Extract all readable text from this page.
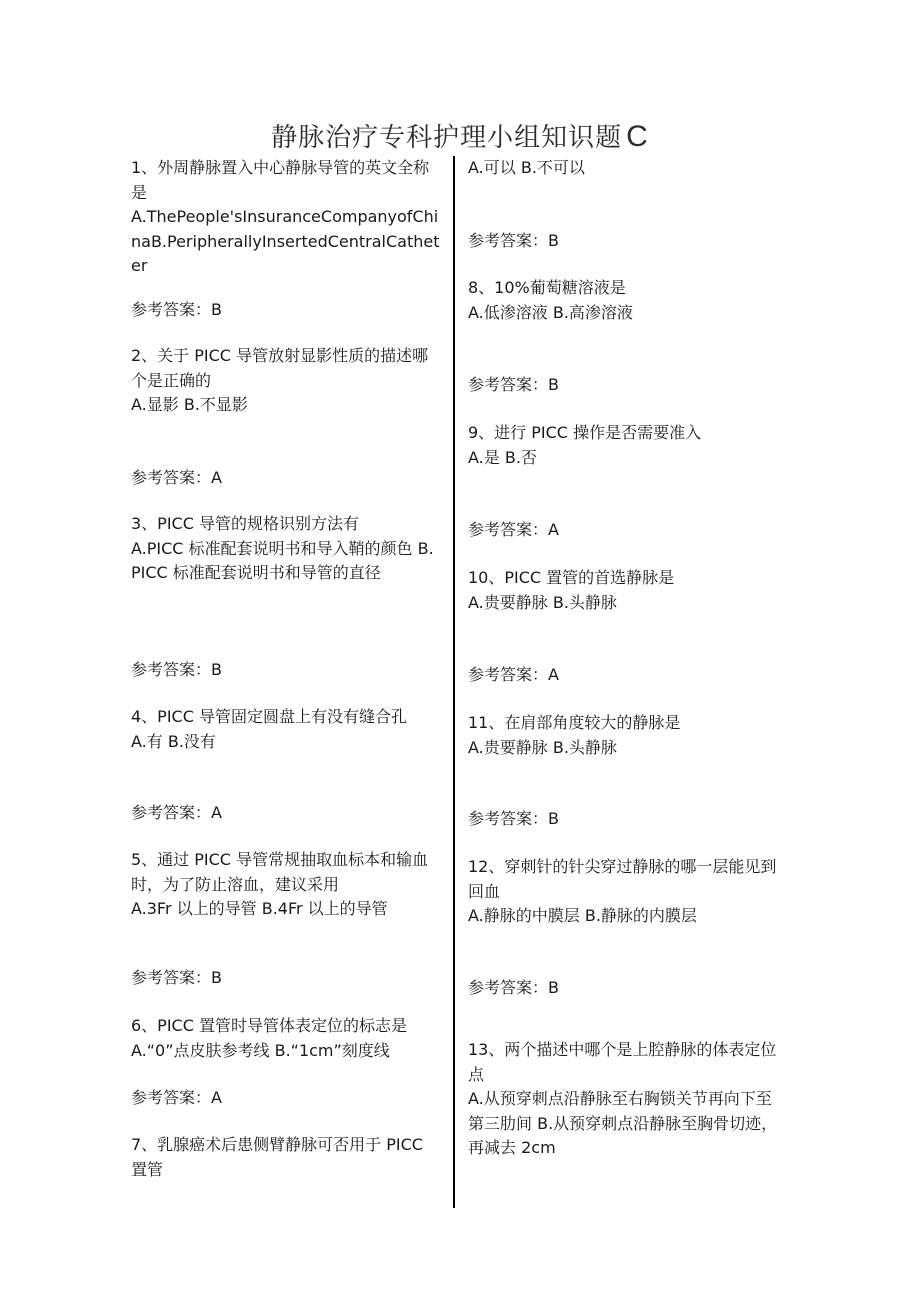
静脉治疗专科护理小组知识题 C
1、外周静脉置入中心静脉导管的英文全称是
A.ThePeople'sInsuranceCompanyofChinaB.PeripherallyInsertedCentralCatheter
参考答案：B
2、关于 PICC 导管放射显影性质的描述哪个是正确的
A.显影 B.不显影
参考答案：A
3、PICC 导管的规格识别方法有
A.PICC 标准配套说明书和导入鞘的颜色 B.PICC 标准配套说明书和导管的直径
参考答案：B
4、PICC 导管固定圆盘上有没有缝合孔
A.有 B.没有
参考答案：A
5、通过 PICC 导管常规抽取血标本和输血时，为了防止溶血，建议采用
A.3Fr 以上的导管 B.4Fr 以上的导管
参考答案：B
6、PICC 置管时导管体表定位的标志是
A.“0”点皮肤参考线 B.“1cm”刻度线
参考答案：A
7、乳腺癌术后患侧臂静脉可否用于 PICC 置管
A.可以 B.不可以
参考答案：B
8、10%葡萄糖溶液是
A.低渗溶液 B.高渗溶液
参考答案：B
9、进行 PICC 操作是否需要准入
A.是 B.否
参考答案：A
10、PICC 置管的首选静脉是
A.贵要静脉 B.头静脉
参考答案：A
11、在肩部角度较大的静脉是
A.贵要静脉 B.头静脉
参考答案：B
12、穿刺针的针尖穿过静脉的哪一层能见到回血
A.静脉的中膜层 B.静脉的内膜层
参考答案：B
13、两个描述中哪个是上腔静脉的体表定位点
A.从预穿刺点沿静脉至右胸锁关节再向下至第三肋间 B.从预穿刺点沿静脉至胸骨切迹，再减去 2cm
